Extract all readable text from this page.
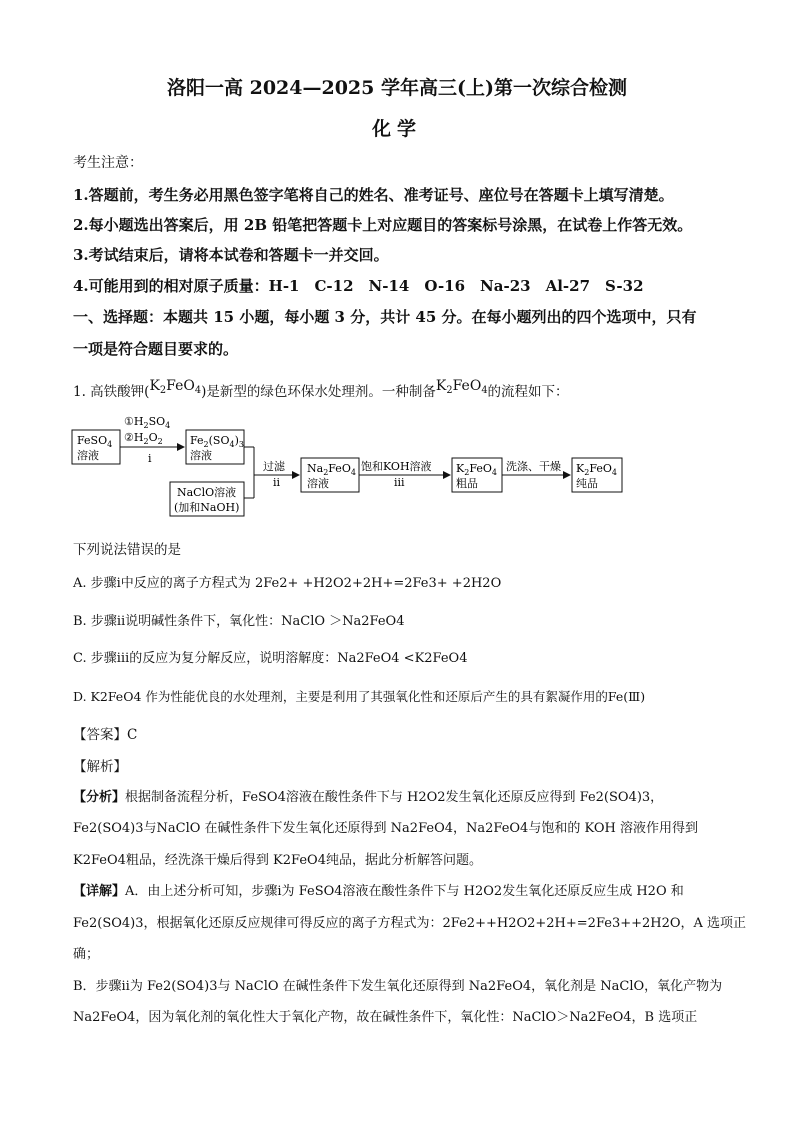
洛阳一高 2024—2025 学年高三(上)第一次综合检测
化学
考生注意：
1.答题前，考生务必用黑色签字笔将自己的姓名、准考证号、座位号在答题卡上填写清楚。
2.每小题选出答案后，用 2B 铅笔把答题卡上对应题目的答案标号涂黑，在试卷上作答无效。
3.考试结束后，请将本试卷和答题卡一并交回。
4.可能用到的相对原子质量：H-1　C-12　N-14　O-16　Na-23　Al-27　S-32
一、选择题：本题共 15 小题，每小题 3 分，共计 45 分。在每小题列出的四个选项中，只有
一项是符合题目要求的。
1. 高铁酸钾$(K_2FeO_4)$是新型的绿色环保水处理剂。一种制备$K_2FeO_4$的流程如下：
FeSO$_4$
溶液
$①H_2SO_4$
$②H_2O_2$
i
$Fe_2(SO_4)_3$
溶液
过滤
ii
NaClO溶液
(加和NaOH)
$Na_2FeO_4$
溶液
饱和KOH溶液
iii
$K_2FeO_4$
粗品
洗涤、干燥 $K_2FeO_4$
纯品
下列说法错误的是
A. 步骤ⅰ中反应的离子方程式为 2Fe2+ +H2O2+2H+=2Fe3+ +2H2O
B. 步骤ⅱ说明碱性条件下，氧化性：NaClO ＞Na2FeO4
C. 步骤ⅲ的反应为复分解反应，说明溶解度：Na2FeO4 <K2FeO4
D. K2FeO4 作为性能优良的水处理剂，主要是利用了其强氧化性和还原后产生的具有絮凝作用的Fe(Ⅲ)
【答案】C
【解析】
【分析】根据制备流程分析，FeSO4溶液在酸性条件下与 H2O2发生氧化还原反应得到 Fe2(SO4)3，
Fe2(SO4)3与NaClO 在碱性条件下发生氧化还原得到 Na2FeO4，Na2FeO4与饱和的 KOH 溶液作用得到
K2FeO4粗品，经洗涤干燥后得到 K2FeO4纯品，据此分析解答问题。
【详解】A．由上述分析可知，步骤ⅰ为 FeSO4溶液在酸性条件下与 H2O2发生氧化还原反应生成 H2O 和
Fe2(SO4)3，根据氧化还原反应规律可得反应的离子方程式为：2Fe2++H2O2+2H+=2Fe3++2H2O，A 选项正
确；
B．步骤ⅱ为 Fe2(SO4)3与 NaClO 在碱性条件下发生氧化还原得到 Na2FeO4，氧化剂是 NaClO，氧化产物为
Na2FeO4，因为氧化剂的氧化性大于氧化产物，故在碱性条件下，氧化性：NaClO＞Na2FeO4，B 选项正
